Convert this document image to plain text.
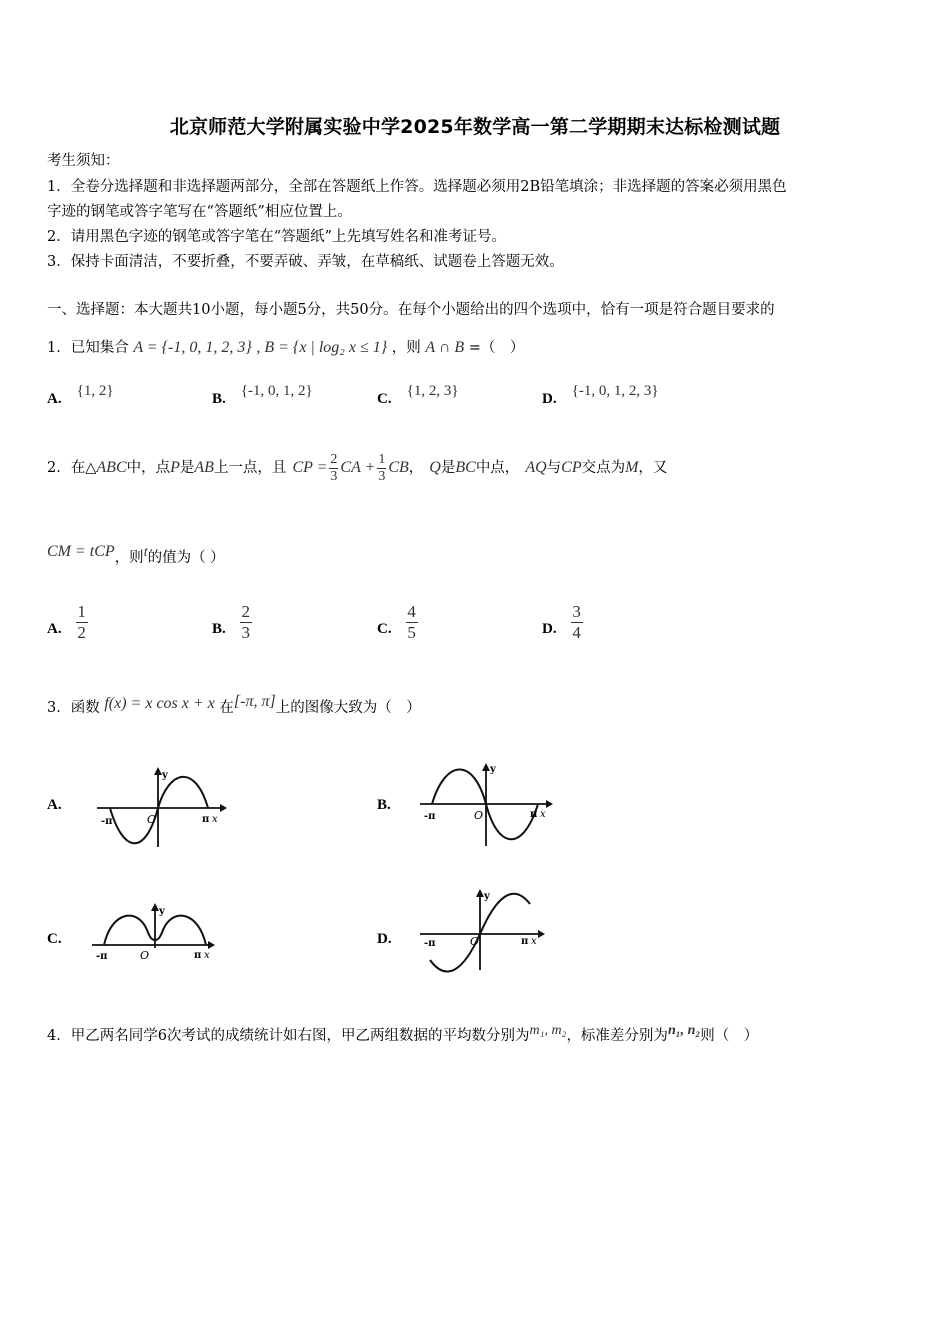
北京师范大学附属实验中学2025年数学高一第二学期期末达标检测试题
考生须知：
1．全卷分选择题和非选择题两部分，全部在答题纸上作答。选择题必须用2B铅笔填涂；非选择题的答案必须用黑色
字迹的钢笔或答字笔写在“答题纸”相应位置上。
2．请用黑色字迹的钢笔或答字笔在“答题纸”上先填写姓名和准考证号。
3．保持卡面清洁，不要折叠，不要弄破、弄皱，在草稿纸、试题卷上答题无效。
一、选择题：本大题共10小题，每小题5分，共50分。在每个小题给出的四个选项中，恰有一项是符合题目要求的
1．已知集合 A = {-1, 0, 1, 2, 3} , B = {x | log₂ x ≤ 1} ，则 A ∩ B =（　）
A. {1, 2}	B. {-1, 0, 1, 2}	C. {1, 2, 3}	D. {-1, 0, 1, 2, 3}
2． 在△ ABC 中，点 P 是 AB 上一点，且 CP = $\frac{2}{3}$ CA + $\frac{1}{3}$ CB ， Q 是 BC 中点， AQ 与 CP 交点为 M ，又
CM = tCP，则t的值为（ ）
A. $\frac{1}{2}$	B. $\frac{2}{3}$	C. $\frac{4}{5}$	D. $\frac{3}{4}$
3．函数 f(x) = x cos x + x 在[-π, π]上的图像大致为（　）
A.
y
-π	O	π x
B.
y
-π	O	π x
C.
y
-π	O	π x
D.
y
-π	O	π x
4．甲乙两名同学6次考试的成绩统计如右图，甲乙两组数据的平均数分别为m₁, m₂，标准差分别为n₁, n₂则（　）
